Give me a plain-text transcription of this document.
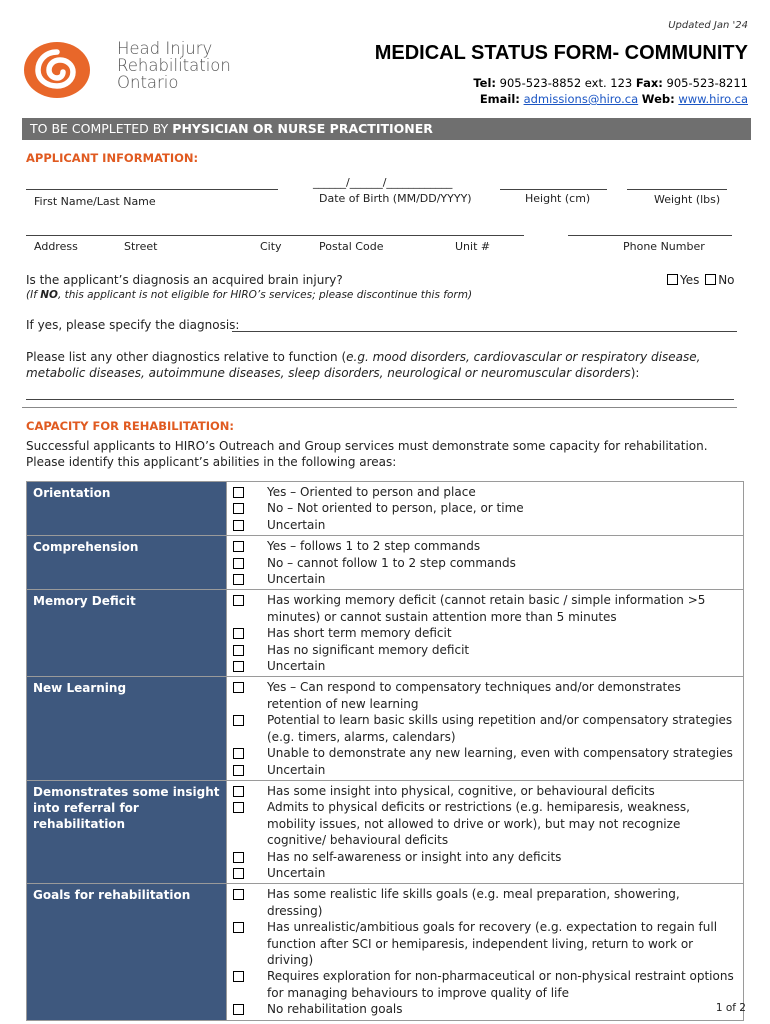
Updated Jan '24
Head Injury
Rehabilitation
Ontario
MEDICAL STATUS FORM- COMMUNITY
Tel: 905-523-8852 ext. 123 Fax: 905-523-8211
Email: admissions@hiro.ca Web: www.hiro.ca
TO BE COMPLETED BY PHYSICIAN OR NURSE PRACTITIONER
APPLICANT INFORMATION:
______/______/____________
First Name/Last Name	Date of Birth (MM/DD/YYYY)	Height (cm)	Weight (lbs)
Address	Street	City	Postal Code	Unit #	Phone Number
Is the applicant’s diagnosis an acquired brain injury?	Yes No
(If NO, this applicant is not eligible for HIRO’s services; please discontinue this form)
If yes, please specify the diagnosis:
Please list any other diagnostics relative to function (e.g. mood disorders, cardiovascular or respiratory disease, metabolic diseases, autoimmune diseases, sleep disorders, neurological or neuromuscular disorders):
CAPACITY FOR REHABILITATION:
Successful applicants to HIRO’s Outreach and Group services must demonstrate some capacity for rehabilitation. Please identify this applicant’s abilities in the following areas:
Orientation	Yes – Oriented to person and place
No – Not oriented to person, place, or time
Uncertain

Comprehension	Yes – follows 1 to 2 step commands
No – cannot follow 1 to 2 step commands
Uncertain

Memory Deficit	Has working memory deficit (cannot retain basic / simple information >5 minutes) or cannot sustain attention more than 5 minutes
Has short term memory deficit
Has no significant memory deficit
Uncertain

New Learning	Yes – Can respond to compensatory techniques and/or demonstrates retention of new learning
Potential to learn basic skills using repetition and/or compensatory strategies (e.g. timers, alarms, calendars)
Unable to demonstrate any new learning, even with compensatory strategies
Uncertain

Demonstrates some insight into referral for rehabilitation	Has some insight into physical, cognitive, or behavioural deficits
Admits to physical deficits or restrictions (e.g. hemiparesis, weakness, mobility issues, not allowed to drive or work), but may not recognize cognitive/ behavioural deficits
Has no self-awareness or insight into any deficits
Uncertain

Goals for rehabilitation	Has some realistic life skills goals (e.g. meal preparation, showering, dressing)
Has unrealistic/ambitious goals for recovery (e.g. expectation to regain full function after SCI or hemiparesis, independent living, return to work or driving)
Requires exploration for non-pharmaceutical or non-physical restraint options for managing behaviours to improve quality of life
No rehabilitation goals	1 of 2
